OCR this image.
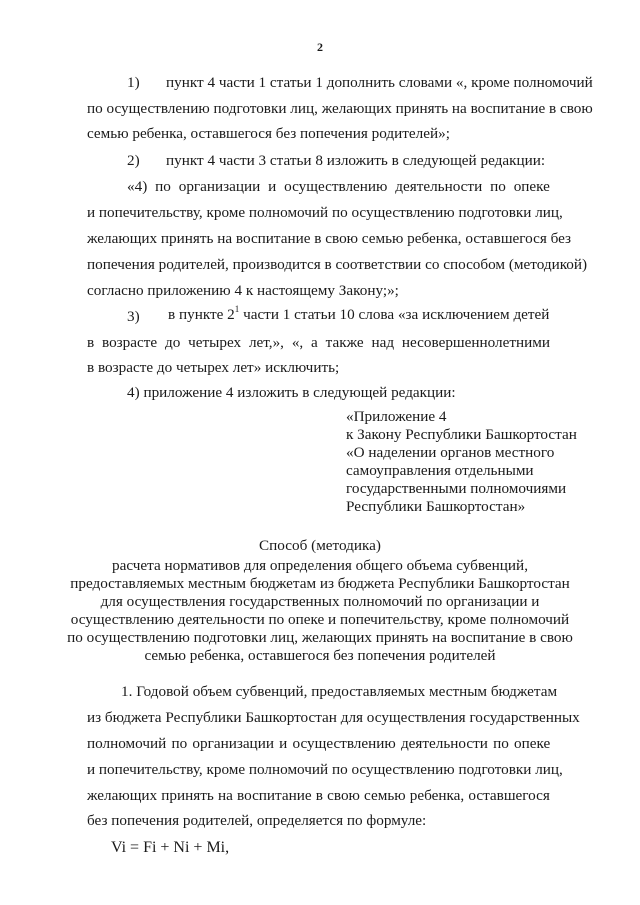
2
1) пункт 4 части 1 статьи 1 дополнить словами «, кроме полномочий
по осуществлению подготовки лиц, желающих принять на воспитание в свою
семью ребенка, оставшегося без попечения родителей»;
2) пункт 4 части 3 статьи 8 изложить в следующей редакции:
«4) по организации и осуществлению деятельности по опеке
и попечительству, кроме полномочий по осуществлению подготовки лиц,
желающих принять на воспитание в свою семью ребенка, оставшегося без
попечения родителей, производится в соответствии со способом (методикой)
согласно приложению 4 к настоящему Закону;»;
3) в пункте $2^1$ части 1 статьи 10 слова «за исключением детей
в возрасте до четырех лет,», «, а также над несовершеннолетними
в возрасте до четырех лет» исключить;
4) приложение 4 изложить в следующей редакции:
«Приложение 4
к Закону Республики Башкортостан
«О наделении органов местного
самоуправления отдельными
государственными полномочиями
Республики Башкортостан»
Способ (методика)
расчета нормативов для определения общего объема субвенций,
предоставляемых местным бюджетам из бюджета Республики Башкортостан
для осуществления государственных полномочий по организации и
осуществлению деятельности по опеке и попечительству, кроме полномочий
по осуществлению подготовки лиц, желающих принять на воспитание в свою
семью ребенка, оставшегося без попечения родителей
1. Годовой объем субвенций, предоставляемых местным бюджетам
из бюджета Республики Башкортостан для осуществления государственных
полномочий по организации и осуществлению деятельности по опеке
и попечительству, кроме полномочий по осуществлению подготовки лиц,
желающих принять на воспитание в свою семью ребенка, оставшегося
без попечения родителей, определяется по формуле:
Vi = Fi + Ni + Mi,
